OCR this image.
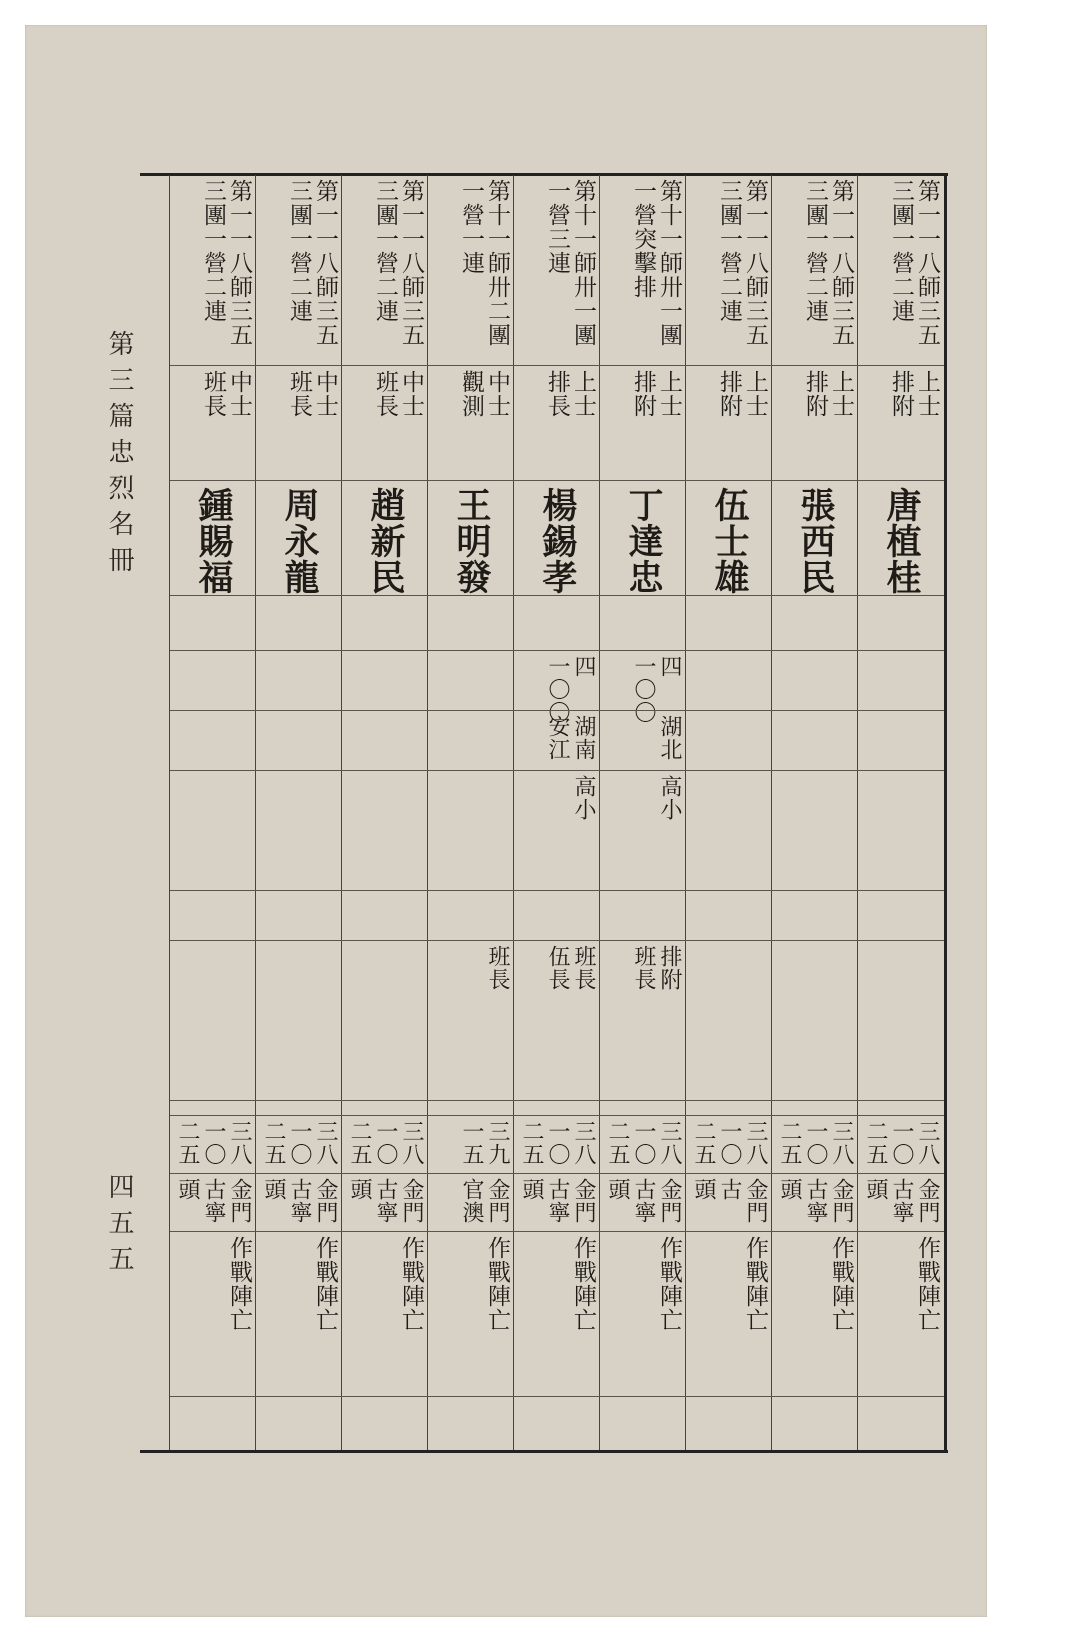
第三篇忠烈名冊
四五五
第一一八師三五
三團一營二連
上士
排附
唐植桂
三八
一〇
二五
金門
古寧
頭
作戰陣亡
第一一八師三五
三團一營二連
上士
排附
張西民
三八
一〇
二五
金門
古寧
頭
作戰陣亡
第一一八師三五
三團一營二連
上士
排附
伍士雄
三八
一〇
二五
金門
古
頭
作戰陣亡
第十一師卅一團
一營突擊排
上士
排附
丁達忠
四
一〇〇
湖北
高小
排附
班長
三八
一〇
二五
金門
古寧
頭
作戰陣亡
第十一師卅一團
一營三連
上士
排長
楊錫孝
四
一〇〇
湖南
安江
高小
班長
伍長
三八
一〇
二五
金門
古寧
頭
作戰陣亡
第十一師卅二團
一營一連
中士
觀測
王明發
班長
三九
一五
金門
官澳
作戰陣亡
第一一八師三五
三團一營二連
中士
班長
趙新民
三八
一〇
二五
金門
古寧
頭
作戰陣亡
第一一八師三五
三團一營二連
中士
班長
周永龍
三八
一〇
二五
金門
古寧
頭
作戰陣亡
第一一八師三五
三團一營二連
中士
班長
鍾賜福
三八
一〇
二五
金門
古寧
頭
作戰陣亡
